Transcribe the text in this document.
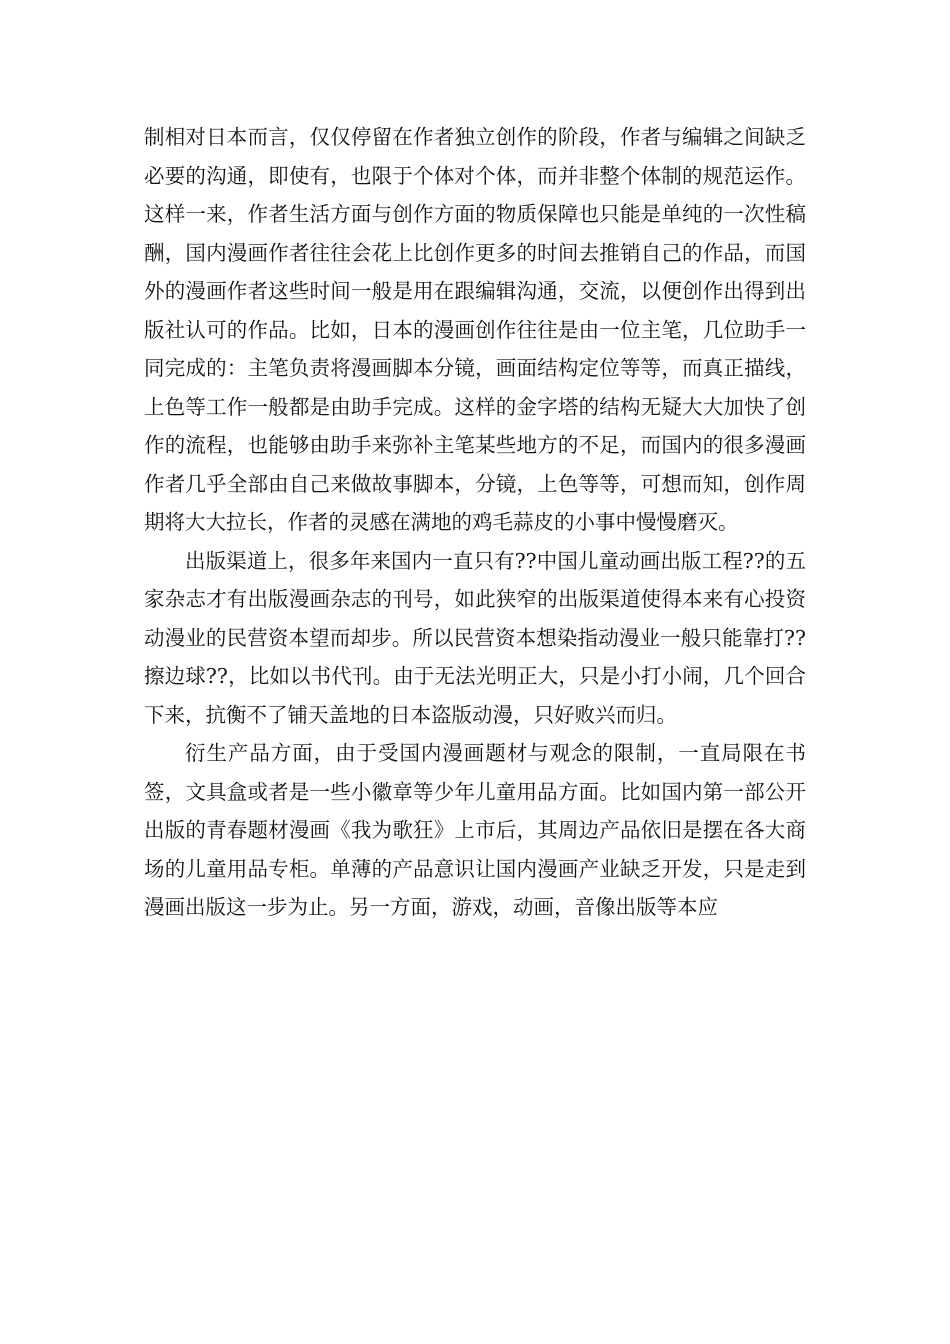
制相对日本而言，仅仅停留在作者独立创作的阶段，作者与编辑之间缺乏必要的沟通，即使有，也限于个体对个体，而并非整个体制的规范运作。这样一来，作者生活方面与创作方面的物质保障也只能是单纯的一次性稿酬，国内漫画作者往往会花上比创作更多的时间去推销自己的作品，而国外的漫画作者这些时间一般是用在跟编辑沟通，交流，以便创作出得到出版社认可的作品。比如，日本的漫画创作往往是由一位主笔，几位助手一同完成的：主笔负责将漫画脚本分镜，画面结构定位等等，而真正描线，上色等工作一般都是由助手完成。这样的金字塔的结构无疑大大加快了创作的流程，也能够由助手来弥补主笔某些地方的不足，而国内的很多漫画作者几乎全部由自己来做故事脚本，分镜，上色等等，可想而知，创作周期将大大拉长，作者的灵感在满地的鸡毛蒜皮的小事中慢慢磨灭。

出版渠道上，很多年来国内一直只有??中国儿童动画出版工程??的五家杂志才有出版漫画杂志的刊号，如此狭窄的出版渠道使得本来有心投资动漫业的民营资本望而却步。所以民营资本想染指动漫业一般只能靠打??擦边球??，比如以书代刊。由于无法光明正大，只是小打小闹，几个回合下来，抗衡不了铺天盖地的日本盗版动漫，只好败兴而归。

衍生产品方面，由于受国内漫画题材与观念的限制，一直局限在书签，文具盒或者是一些小徽章等少年儿童用品方面。比如国内第一部公开出版的青春题材漫画《我为歌狂》上市后，其周边产品依旧是摆在各大商场的儿童用品专柜。单薄的产品意识让国内漫画产业缺乏开发，只是走到漫画出版这一步为止。另一方面，游戏，动画，音像出版等本应
